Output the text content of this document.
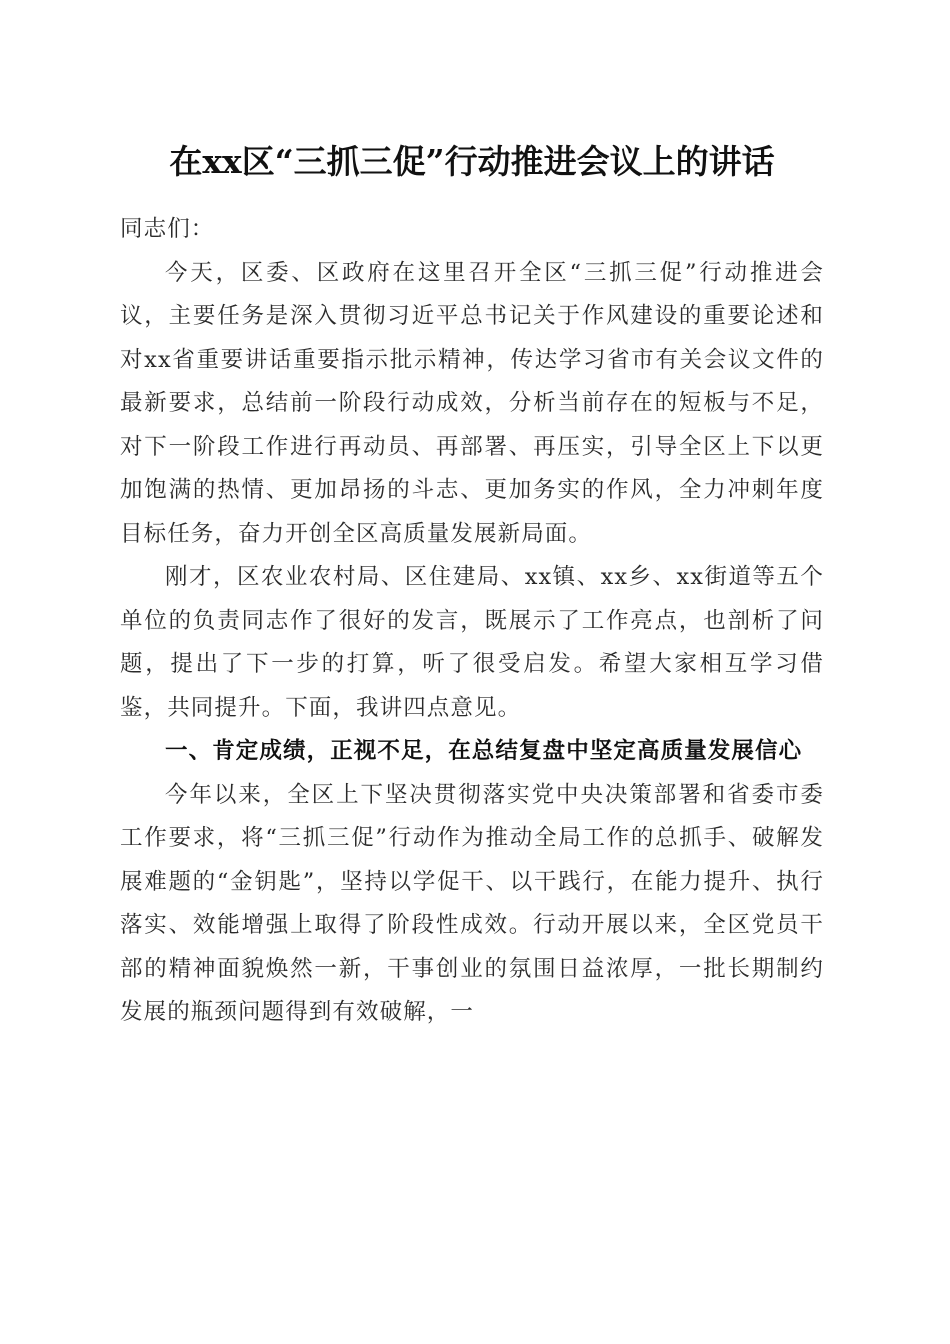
在xx区“三抓三促”行动推进会议上的讲话

同志们：

今天，区委、区政府在这里召开全区“三抓三促”行动推进会议，主要任务是深入贯彻习近平总书记关于作风建设的重要论述和对xx省重要讲话重要指示批示精神，传达学习省市有关会议文件的最新要求，总结前一阶段行动成效，分析当前存在的短板与不足，对下一阶段工作进行再动员、再部署、再压实，引导全区上下以更加饱满的热情、更加昂扬的斗志、更加务实的作风，全力冲刺年度目标任务，奋力开创全区高质量发展新局面。

刚才，区农业农村局、区住建局、xx镇、xx乡、xx街道等五个单位的负责同志作了很好的发言，既展示了工作亮点，也剖析了问题，提出了下一步的打算，听了很受启发。希望大家相互学习借鉴，共同提升。下面，我讲四点意见。

一、肯定成绩，正视不足，在总结复盘中坚定高质量发展信心

今年以来，全区上下坚决贯彻落实党中央决策部署和省委市委工作要求，将“三抓三促”行动作为推动全局工作的总抓手、破解发展难题的“金钥匙”，坚持以学促干、以干践行，在能力提升、执行落实、效能增强上取得了阶段性成效。行动开展以来，全区党员干部的精神面貌焕然一新，干事创业的氛围日益浓厚，一批长期制约发展的瓶颈问题得到有效破解，一
